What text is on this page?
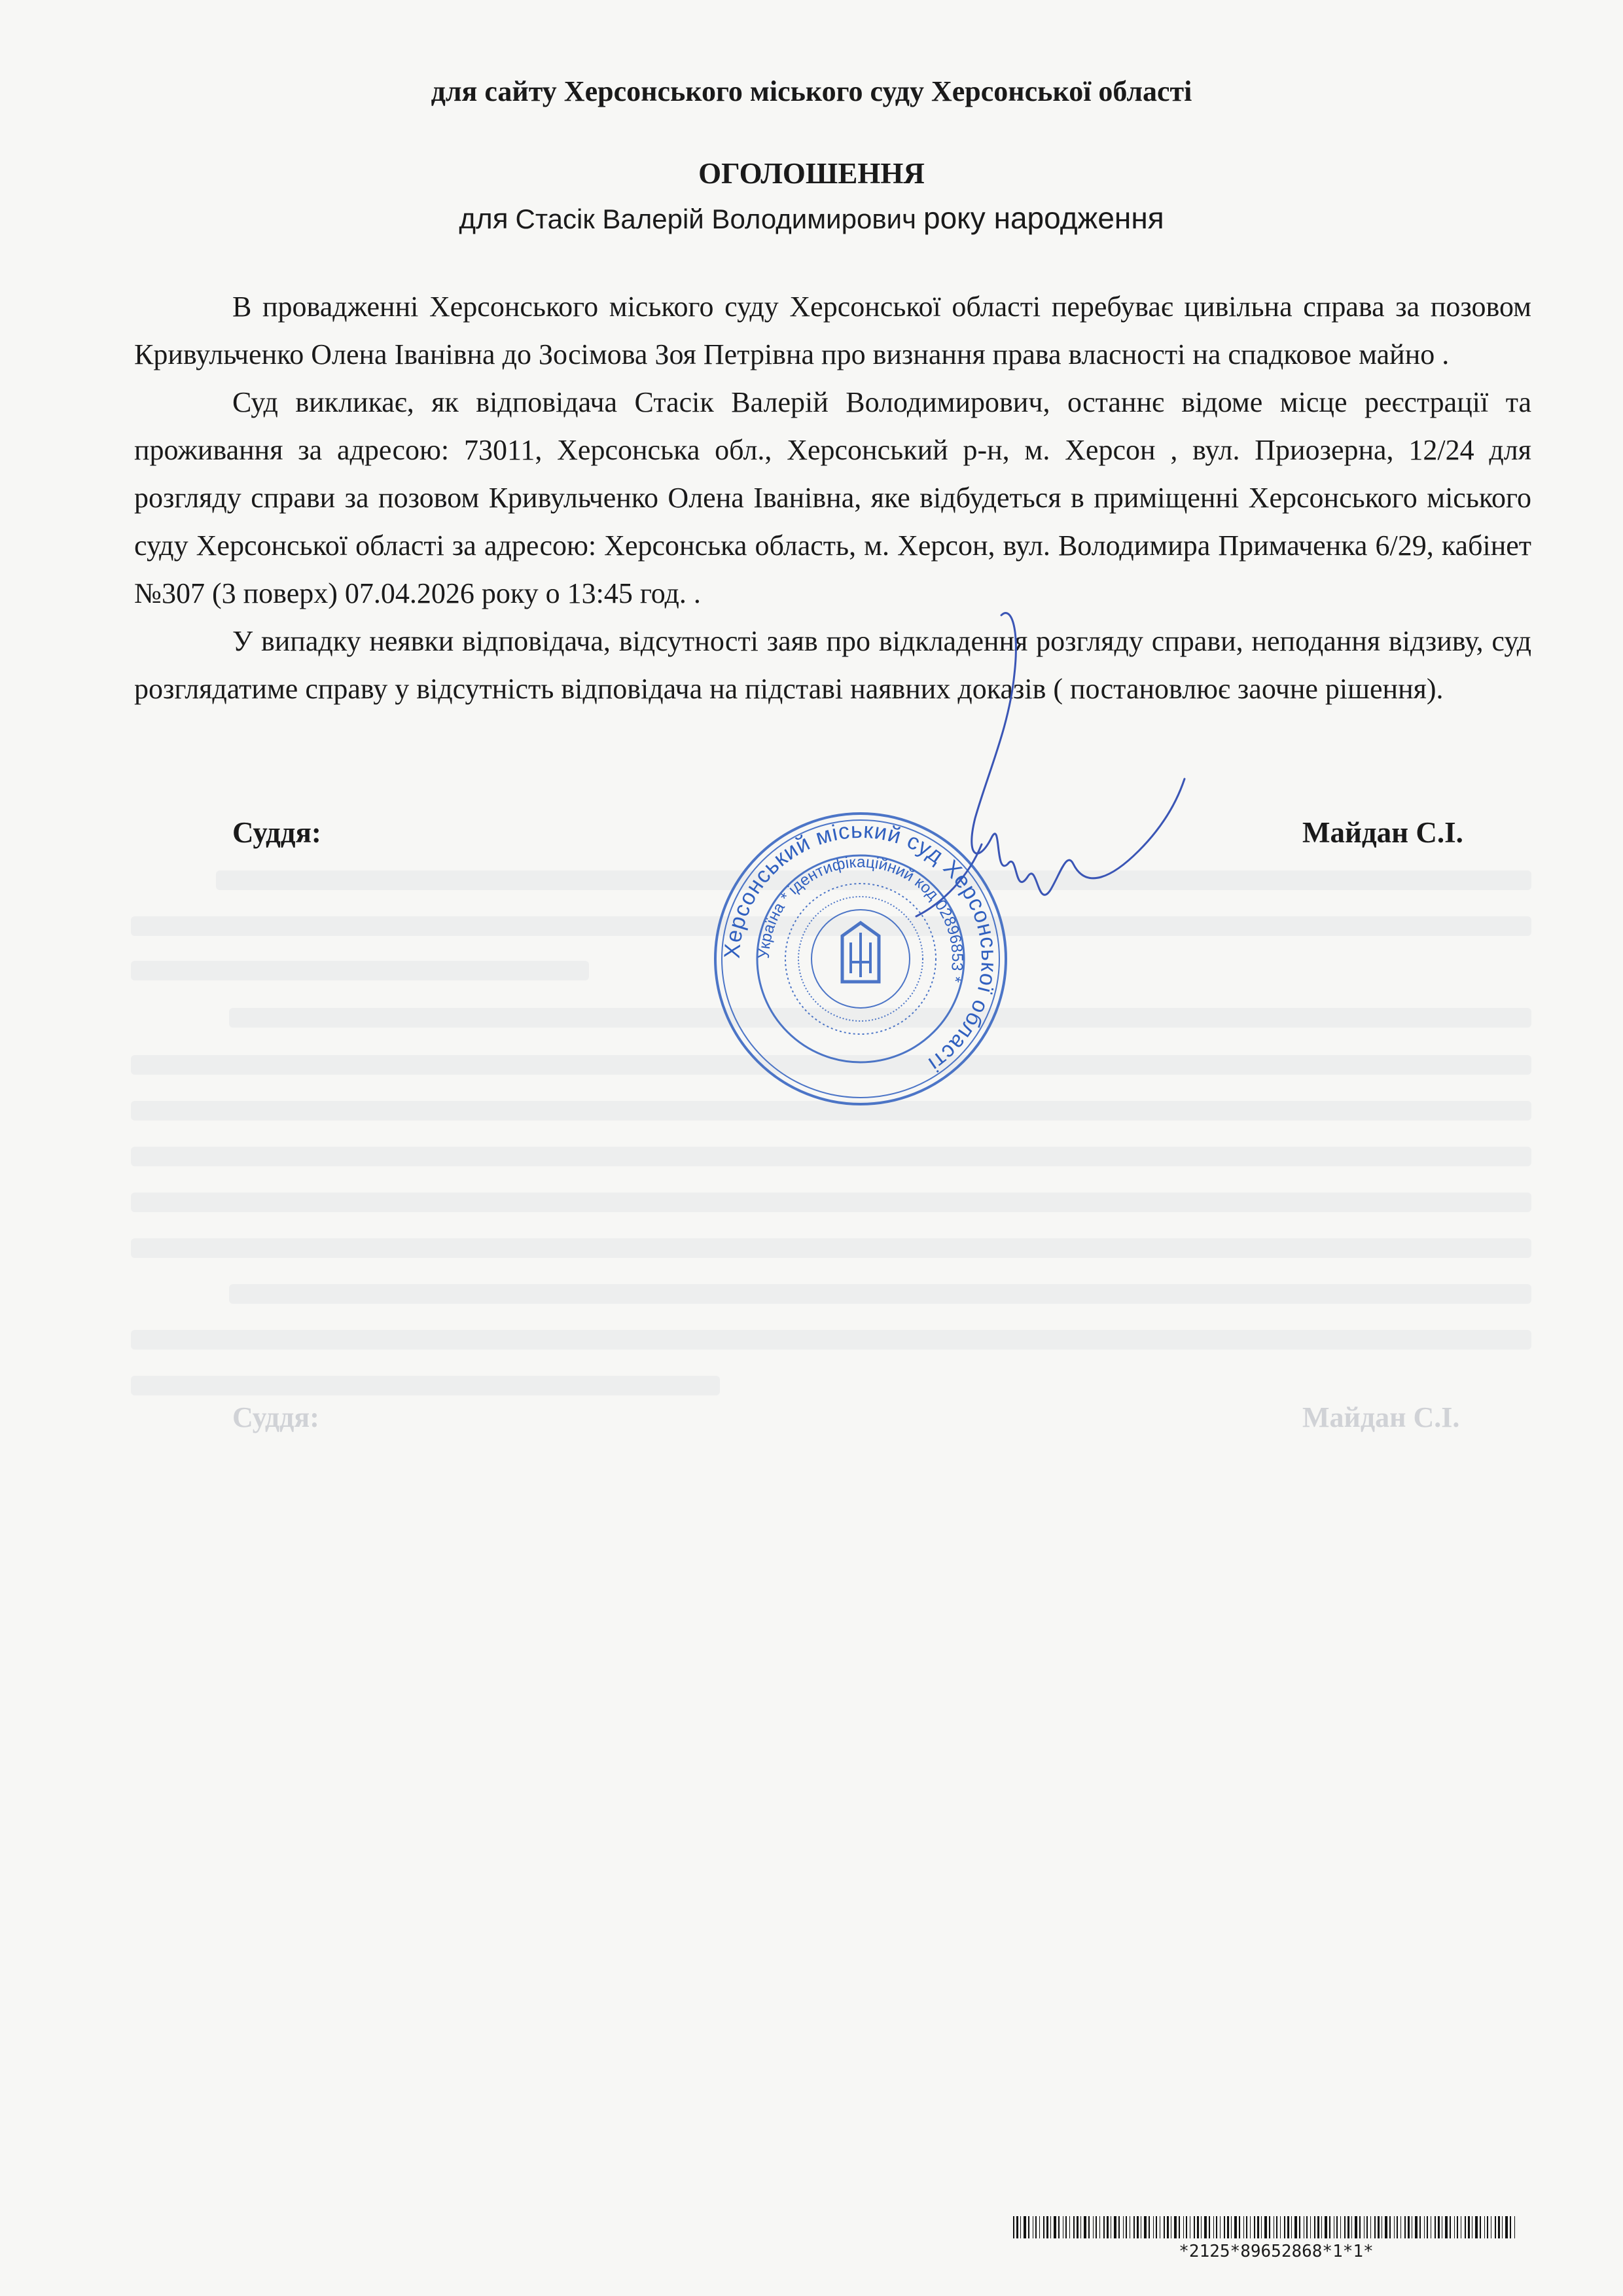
Суддя:	Майдан С.І.
для сайту Херсонського міського суду Херсонської області
ОГОЛОШЕННЯ
для Стасік Валерій Володимирович року народження

В провадженні Херсонського міського суду Херсонської області перебуває цивільна справа за позовом Кривульченко Олена Іванівна до Зосімова Зоя Петрівна про визнання права власності на спадковое майно .

Суд викликає, як відповідача Стасік Валерій Володимирович, останнє відоме місце реєстрації та проживання за адресою: 73011, Херсонська обл., Херсонський р-н, м. Херсон , вул. Приозерна, 12/24 для розгляду справи за позовом Кривульченко Олена Іванівна, яке відбудеться в приміщенні Херсонського міського суду Херсонської області за адресою: Херсонська область, м. Херсон, вул. Володимира Примаченка 6/29, кабінет №307 (3 поверх) 07.04.2026 року о 13:45 год. .

У випадку неявки відповідача, відсутності заяв про відкладення розгляду справи, неподання відзиву, суд розглядатиме справу у відсутність відповідача на підставі наявних доказів ( постановлює заочне рішення).

Суддя:	Майдан С.І.
Херсонський міський суд Херсонської області
Україна * ідентифікаційний код 02896853 *
*2125*89652868*1*1*
